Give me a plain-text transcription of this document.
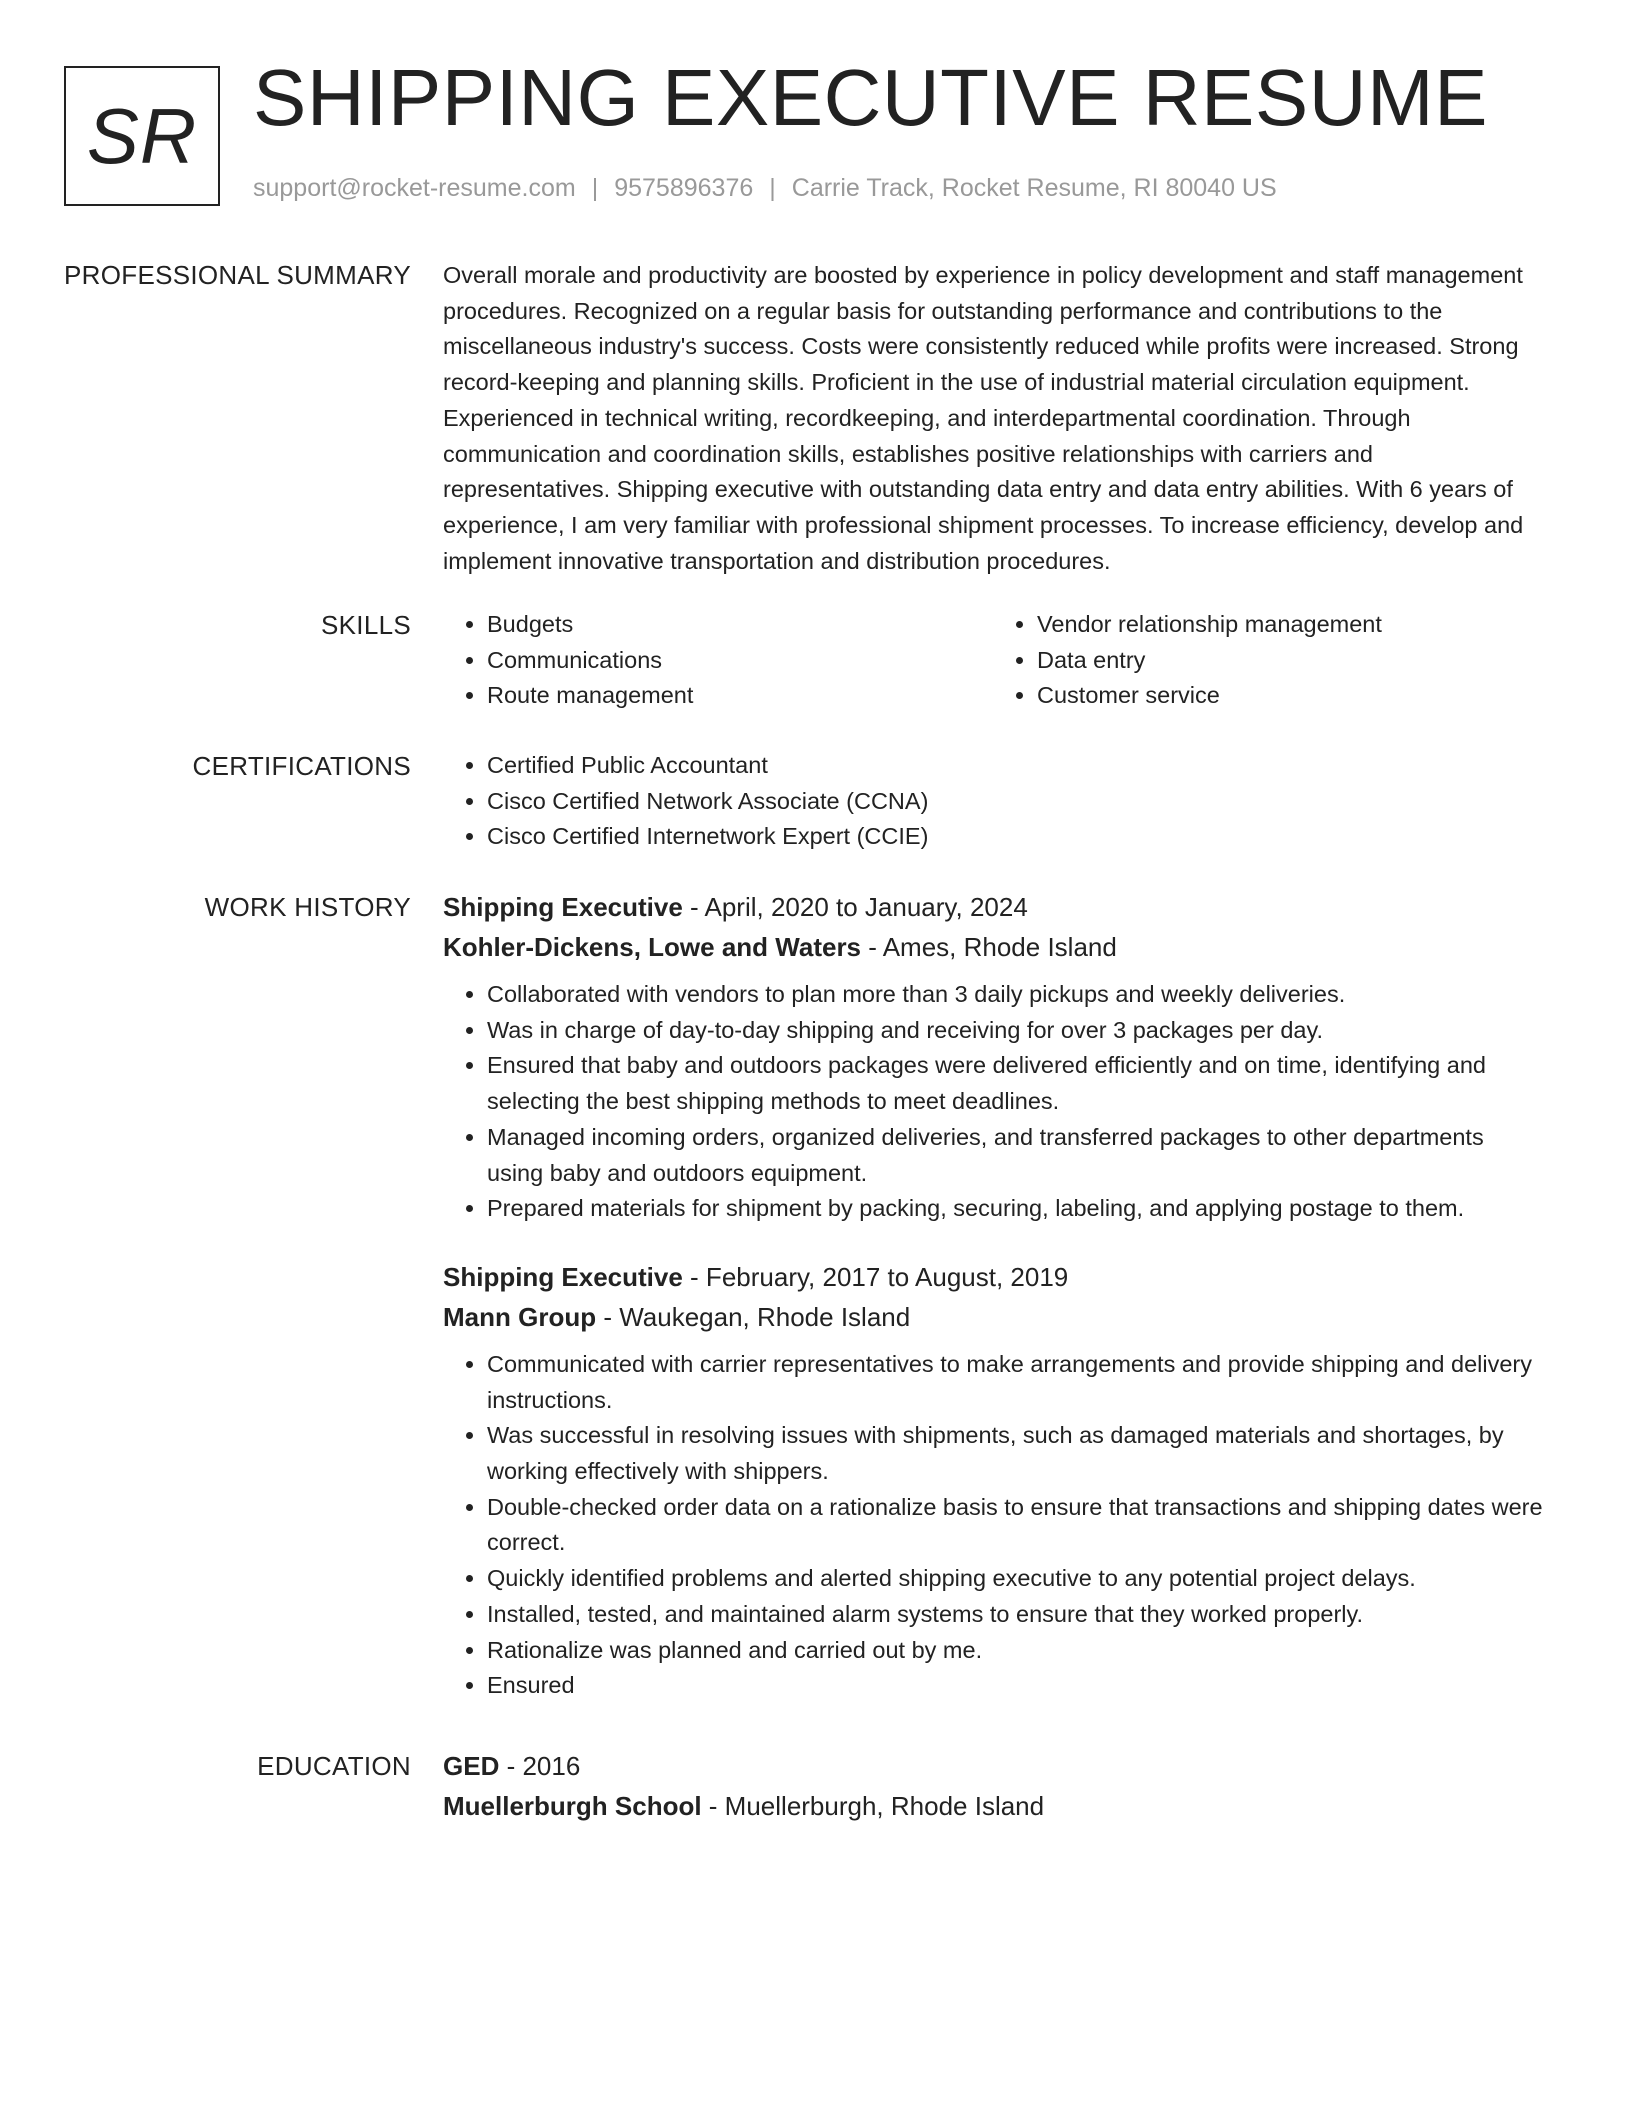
SR SHIPPING EXECUTIVE RESUME
support@rocket-resume.com | 9575896376 | Carrie Track, Rocket Resume, RI 80040 US
PROFESSIONAL SUMMARY Overall morale and productivity are boosted by experience in policy development and staff management procedures. Recognized on a regular basis for outstanding performance and contributions to the miscellaneous industry's success. Costs were consistently reduced while profits were increased. Strong record-keeping and planning skills. Proficient in the use of industrial material circulation equipment. Experienced in technical writing, recordkeeping, and interdepartmental coordination. Through communication and coordination skills, establishes positive relationships with carriers and representatives. Shipping executive with outstanding data entry and data entry abilities. With 6 years of experience, I am very familiar with professional shipment processes. To increase efficiency, develop and implement innovative transportation and distribution procedures.

SKILLS	• Budgets
• Communications
• Route management
• Vendor relationship management
• Data entry
• Customer service
CERTIFICATIONS	• Certified Public Accountant
• Cisco Certified Network Associate (CCNA)
• Cisco Certified Internetwork Expert (CCIE)
WORK HISTORY Shipping Executive - April, 2020 to January, 2024
Kohler-Dickens, Lowe and Waters - Ames, Rhode Island
• Collaborated with vendors to plan more than 3 daily pickups and weekly deliveries.
• Was in charge of day-to-day shipping and receiving for over 3 packages per day.
• Ensured that baby and outdoors packages were delivered efficiently and on time, identifying and selecting the best shipping methods to meet deadlines.
• Managed incoming orders, organized deliveries, and transferred packages to other departments using baby and outdoors equipment.
• Prepared materials for shipment by packing, securing, labeling, and applying postage to them.
Shipping Executive - February, 2017 to August, 2019
Mann Group - Waukegan, Rhode Island
• Communicated with carrier representatives to make arrangements and provide shipping and delivery instructions.
• Was successful in resolving issues with shipments, such as damaged materials and shortages, by working effectively with shippers.
• Double-checked order data on a rationalize basis to ensure that transactions and shipping dates were correct.
• Quickly identified problems and alerted shipping executive to any potential project delays.
• Installed, tested, and maintained alarm systems to ensure that they worked properly.
• Rationalize was planned and carried out by me.
• Ensured
EDUCATION GED - 2016
Muellerburgh School - Muellerburgh, Rhode Island
